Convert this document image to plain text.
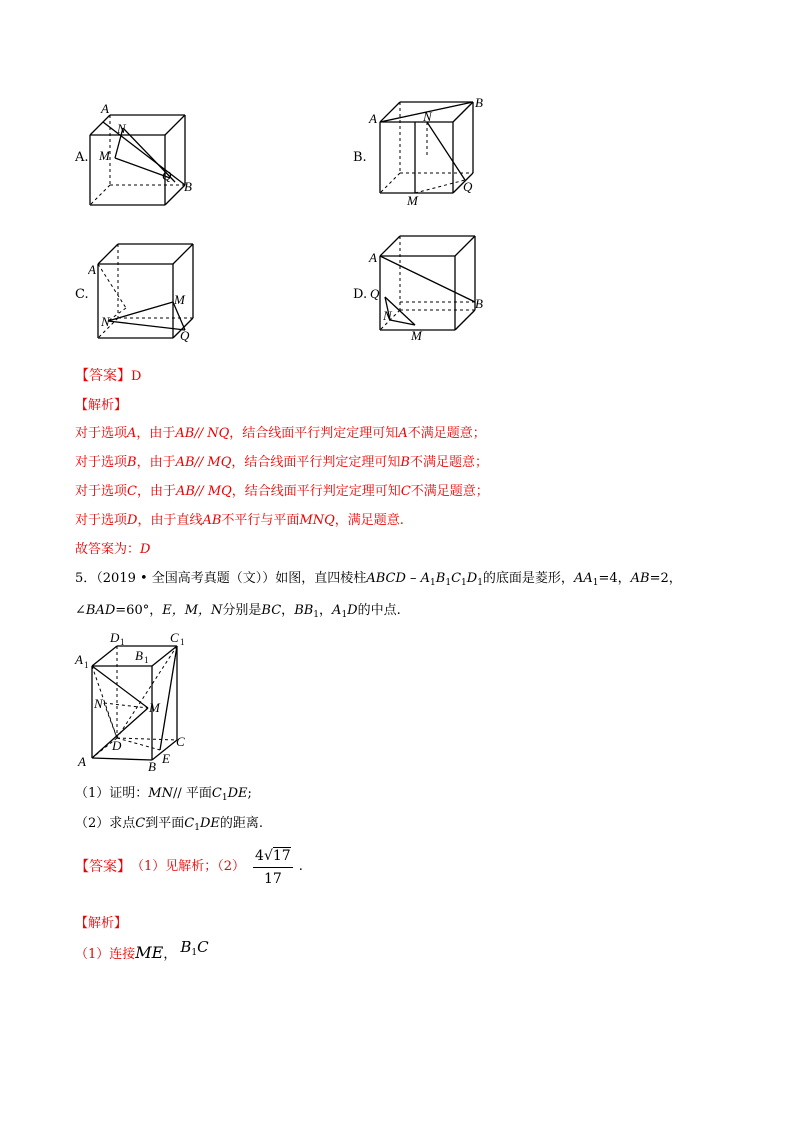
A.
A
N
M
Q
B
B.
A
B
N
Q
M
C.
A
M
N
Q
D.
A
Q
N
M
B
【答案】D
【解析】
对于选项A，由于AB// NQ，结合线面平行判定定理可知A不满足题意；
对于选项B，由于AB// MQ，结合线面平行判定定理可知B不满足题意；
对于选项C，由于AB// MQ，结合线面平行判定定理可知C不满足题意；
对于选项D，由于直线AB不平行与平面MNQ，满足题意.
故答案为：D
5．（2019 • 全国高考真题（文））如图，直四棱柱ABCD – $A_1B_1C_1D_1$的底面是菱形，$AA_1=4$，AB=2，
∠BAD=60°，E，M，N分别是BC，$BB_1$，$A_1D$的中点.
D 1	C 1
A 1
B 1
N	M
C
D
A	B
E
（1）证明：MN// 平面$C_1DE$;
（2）求点C到平面$C_1DE$的距离.
【答案】 （1）见解析；$(2) \frac{4√17}{17}$ .
【解析】
（1）连接ME， $B_1C$
